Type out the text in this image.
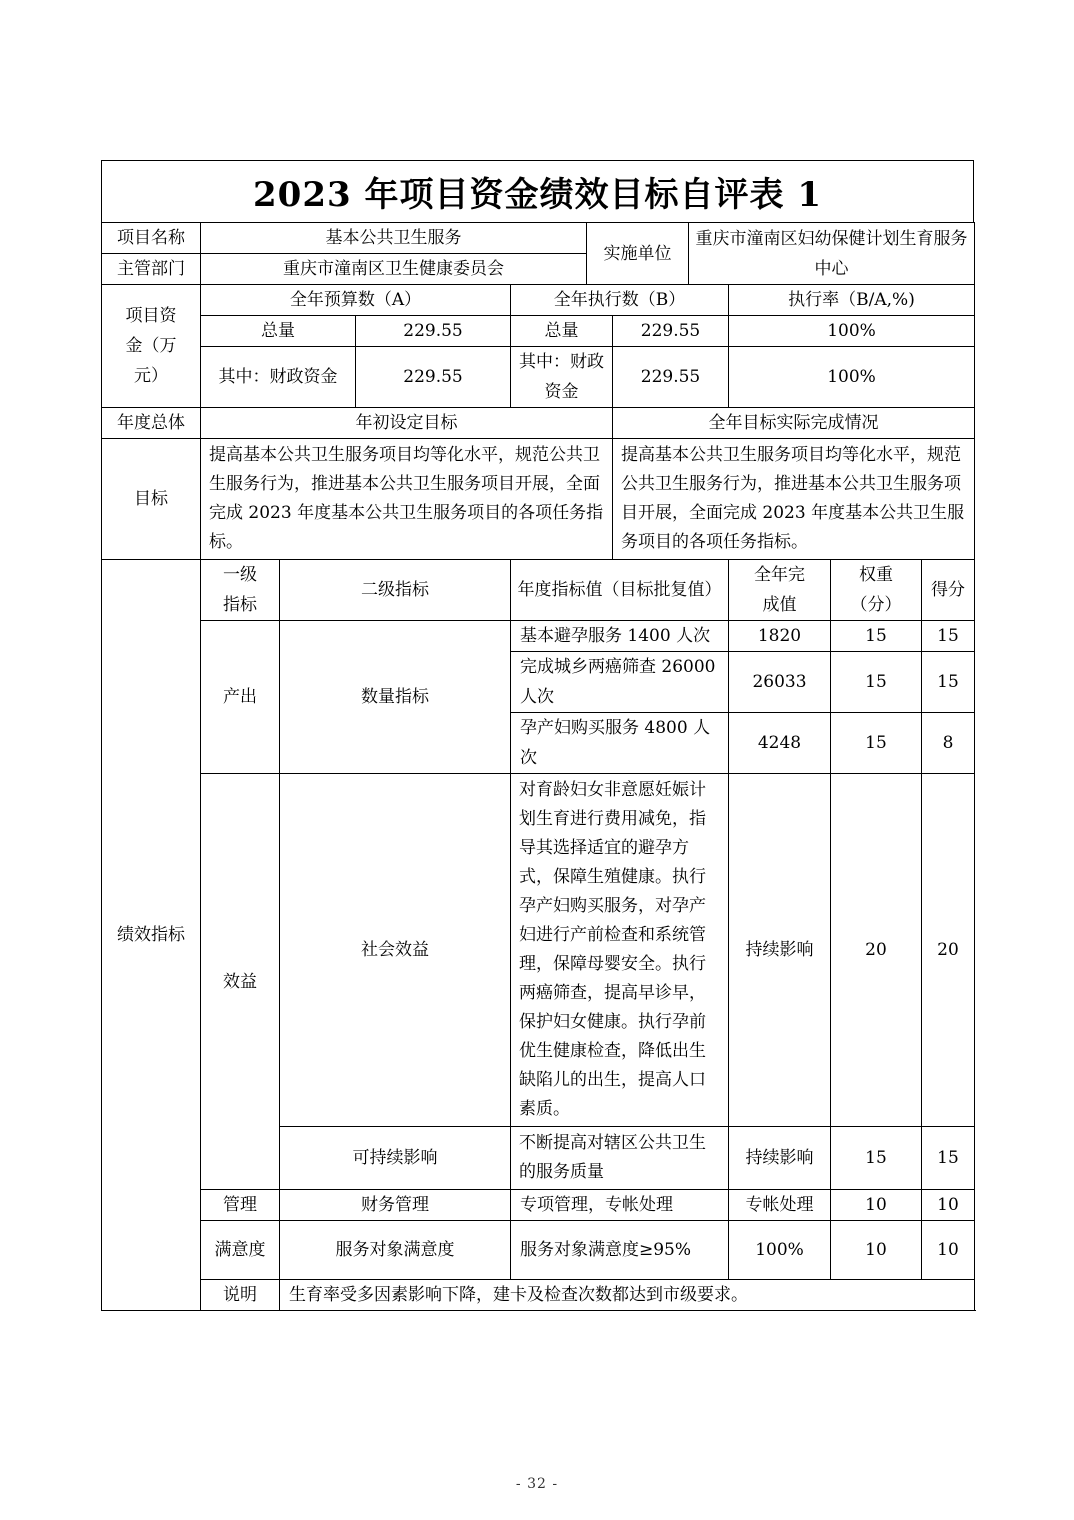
2023 年项目资金绩效目标自评表 1
项目名称	基本公共卫生服务				实施单位		重庆市潼南区妇幼保健计划生育服务中心			
主管部门	重庆市潼南区卫生健康委员会									
项目资金（万元）	全年预算数（A）			全年执行数（B）				执行率（B/A,%)		
	总量		229.55	总量		229.55		100%		
	其中：财政资金		229.55	其中：财政资金		229.55		100%		
年度总体	年初设定目标					全年目标实际完成情况				
目标	提高基本公共卫生服务项目均等化水平，规范公共卫生服务行为，推进基本公共卫生服务项目开展，全面完成 2023 年度基本公共卫生服务项目的各项任务指标。					提高基本公共卫生服务项目均等化水平，规范公共卫生服务行为，推进基本公共卫生服务项目开展，全面完成 2023 年度基本公共卫生服务项目的各项任务指标。				
绩效指标	一级指标	二级指标		年度指标值（目标批复值）				全年完成值	权重（分）	得分
	产出	数量指标		基本避孕服务 1400 人次				1820	15	15
				完成城乡两癌筛查 26000 人次				26033	15	15
				孕产妇购买服务 4800 人次				4248	15	8
	效益	社会效益		对育龄妇女非意愿妊娠计划生育进行费用减免，指导其选择适宜的避孕方式，保障生殖健康。执行孕产妇购买服务，对孕产妇进行产前检查和系统管理，保障母婴安全。执行两癌筛查，提高早诊早，保护妇女健康。执行孕前优生健康检查，降低出生缺陷儿的出生，提高人口素质。				持续影响	20	20
		可持续影响		不断提高对辖区公共卫生的服务质量				持续影响	15	15
	管理	财务管理		专项管理，专帐处理				专帐处理	10	10
	满意度	服务对象满意度		服务对象满意度≥95%				100%	10	10
	说明	生育率受多因素影响下降，建卡及检查次数都达到市级要求。								
- 32 -
